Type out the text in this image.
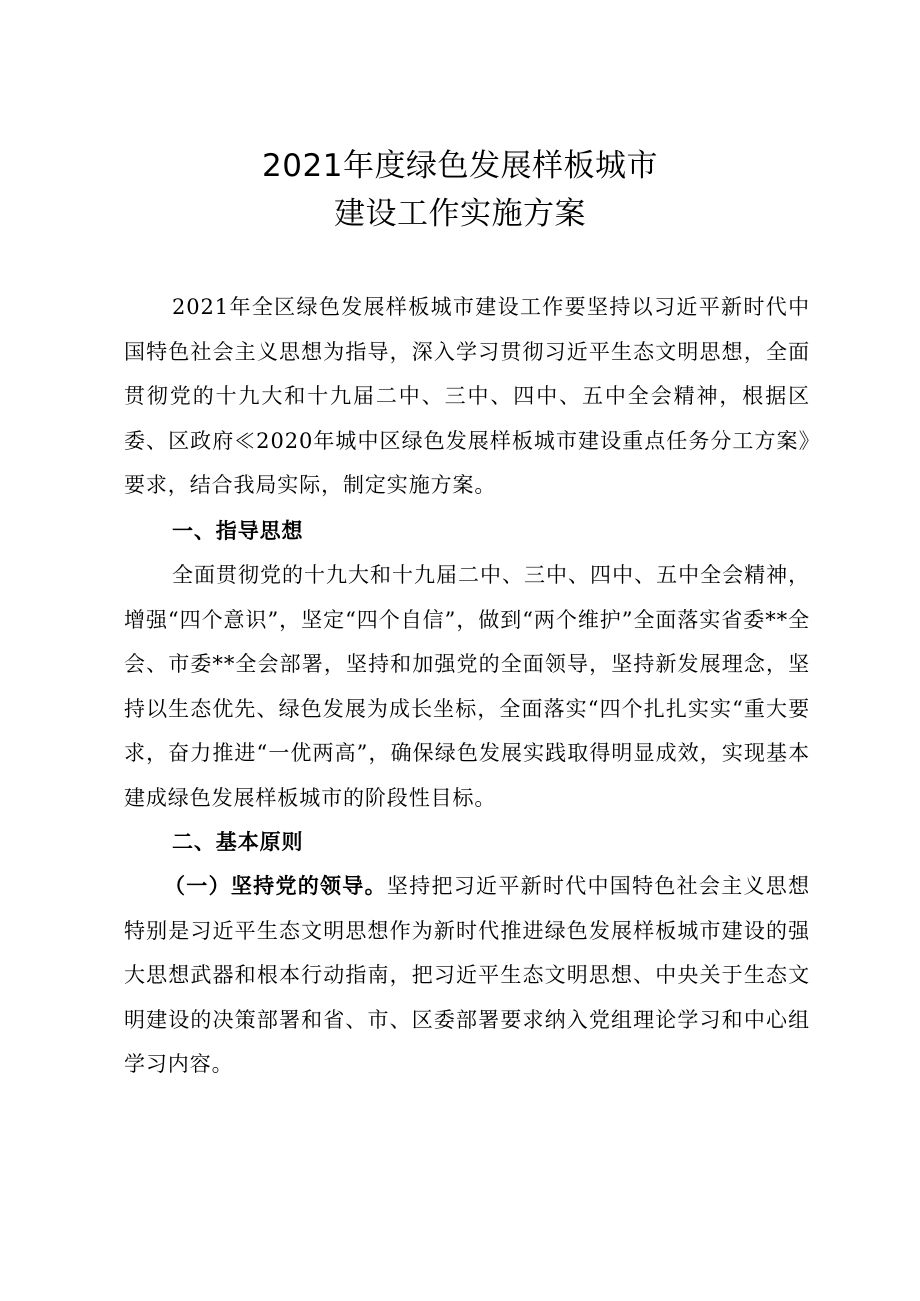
2021年度绿色发展样板城市
建设工作实施方案
2021年全区绿色发展样板城市建设工作要坚持以习近平新时代中国特色社会主义思想为指导，深入学习贯彻习近平生态文明思想，全面贯彻党的十九大和十九届二中、三中、四中、五中全会精神，根据区委、区政府≪2020年城中区绿色发展样板城市建设重点任务分工方案》要求，结合我局实际，制定实施方案。
一、指导思想
全面贯彻党的十九大和十九届二中、三中、四中、五中全会精神，增强“四个意识”，坚定“四个自信”，做到“两个维护”全面落实省委**全会、市委**全会部署，坚持和加强党的全面领导，坚持新发展理念，坚持以生态优先、绿色发展为成长坐标，全面落实“四个扎扎实实“重大要求，奋力推进“一优两高”，确保绿色发展实践取得明显成效，实现基本建成绿色发展样板城市的阶段性目标。
二、基本原则
（一）坚持党的领导。坚持把习近平新时代中国特色社会主义思想特别是习近平生态文明思想作为新时代推进绿色发展样板城市建设的强大思想武器和根本行动指南，把习近平生态文明思想、中央关于生态文明建设的决策部署和省、市、区委部署要求纳入党组理论学习和中心组学习内容。
